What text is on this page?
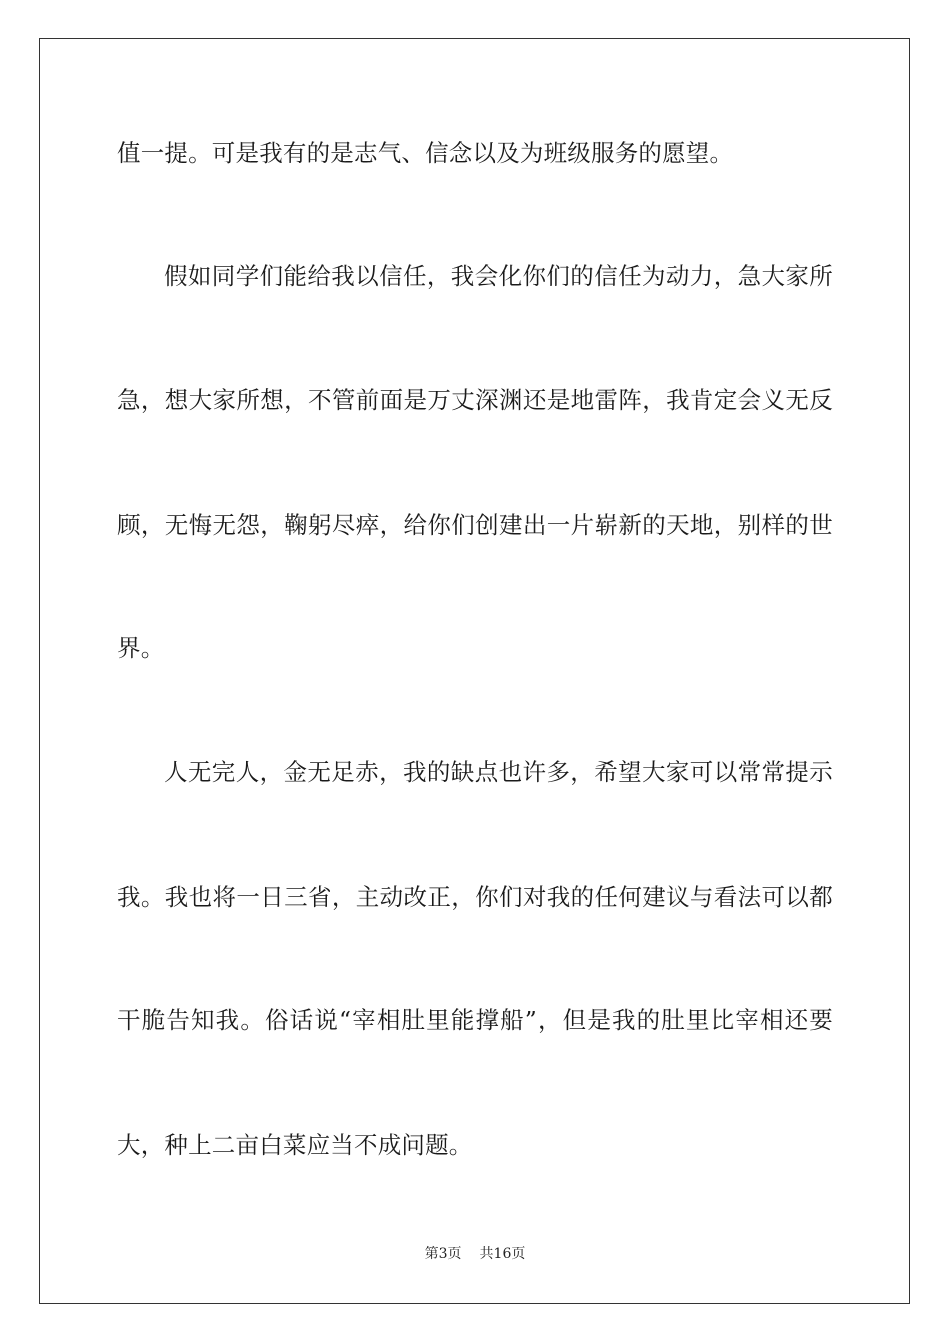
值一提。可是我有的是志气、信念以及为班级服务的愿望。
假如同学们能给我以信任，我会化你们的信任为动力，急大家所
急，想大家所想，不管前面是万丈深渊还是地雷阵，我肯定会义无反
顾，无悔无怨，鞠躬尽瘁，给你们创建出一片崭新的天地，别样的世
界。
人无完人，金无足赤，我的缺点也许多，希望大家可以常常提示
我。我也将一日三省，主动改正，你们对我的任何建议与看法可以都
干脆告知我。俗话说“宰相肚里能撑船”，但是我的肚里比宰相还要
大，种上二亩白菜应当不成问题。
第3页 共16页
